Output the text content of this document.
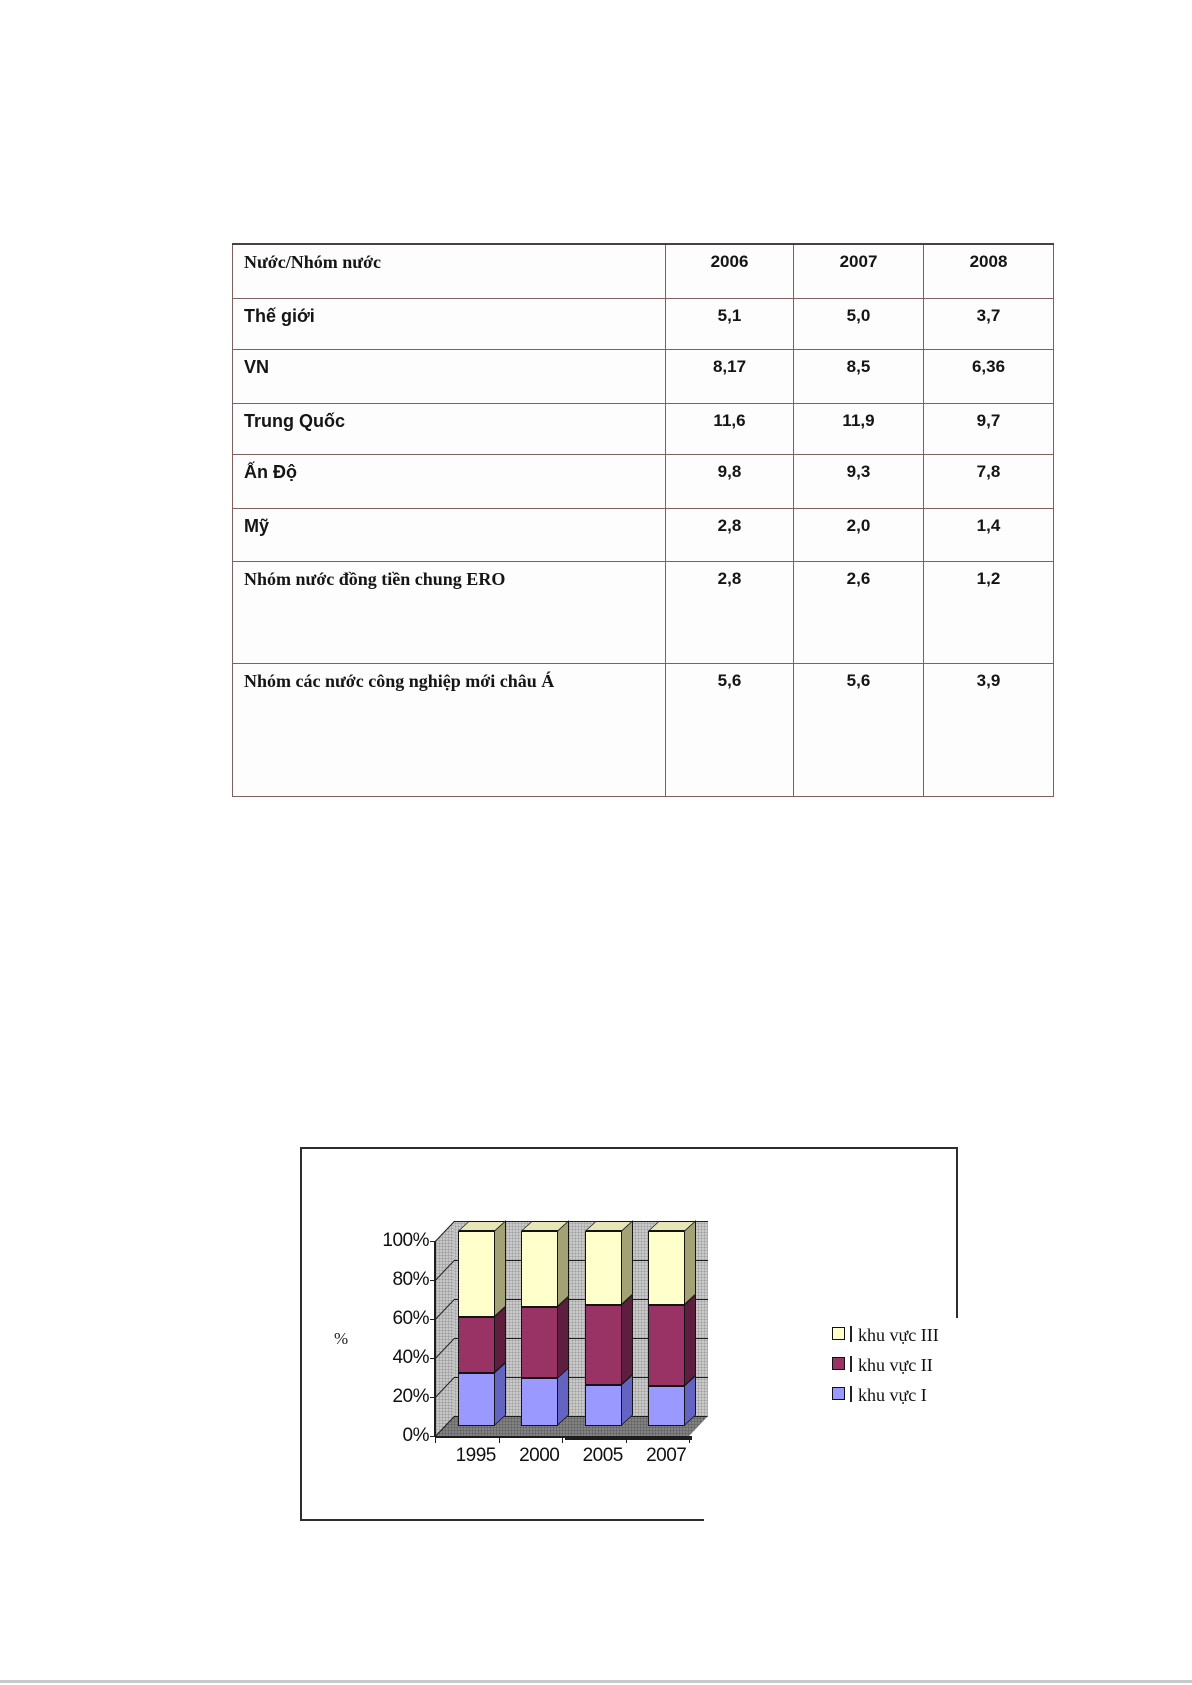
Nước/Nhóm nước	2006	2007	2008
Thế giới	5,1	5,0	3,7
VN	8,17	8,5	6,36
Trung Quốc	11,6	11,9	9,7
Ấn Độ	9,8	9,3	7,8
Mỹ	2,8	2,0	1,4
Nhóm nước đồng tiền chung ERO	2,8	2,6	1,2
Nhóm các nước công nghiệp mới châu Á	5,6	5,6	3,9
0%
20%
40%
60%
80%
100%
1995	2000	2005	2007
%	khu vực III
khu vực II
khu vực I
